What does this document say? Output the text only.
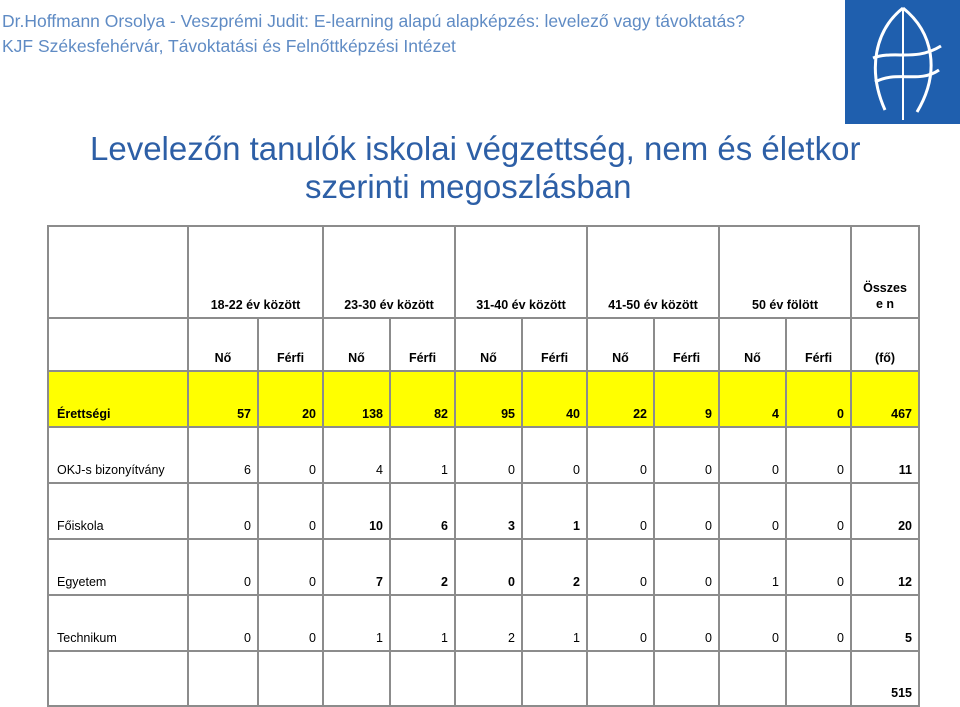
Dr.Hoffmann Orsolya - Veszprémi Judit: E-learning alapú alapképzés: levelező vagy távoktatás?
KJF Székesfehérvár, Távoktatási és Felnőttképzési Intézet
Levelezőn tanulók iskolai végzettség, nem és életkor
szerinti megoszlásban
	18-22 év között		23-30 év között		31-40 év között		41-50 év között		50 év fölött		Összes e n
	Nő	Férfi	Nő	Férfi	Nő	Férfi	Nő	Férfi	Nő	Férfi	(fő)
Érettségi	57	20	138	82	95	40	22	9	4	0	467
OKJ-s bizonyítvány	6	0	4	1	0	0	0	0	0	0	11
Főiskola	0	0	10	6	3	1	0	0	0	0	20
Egyetem	0	0	7	2	0	2	0	0	1	0	12
Technikum	0	0	1	1	2	1	0	0	0	0	5
											515
